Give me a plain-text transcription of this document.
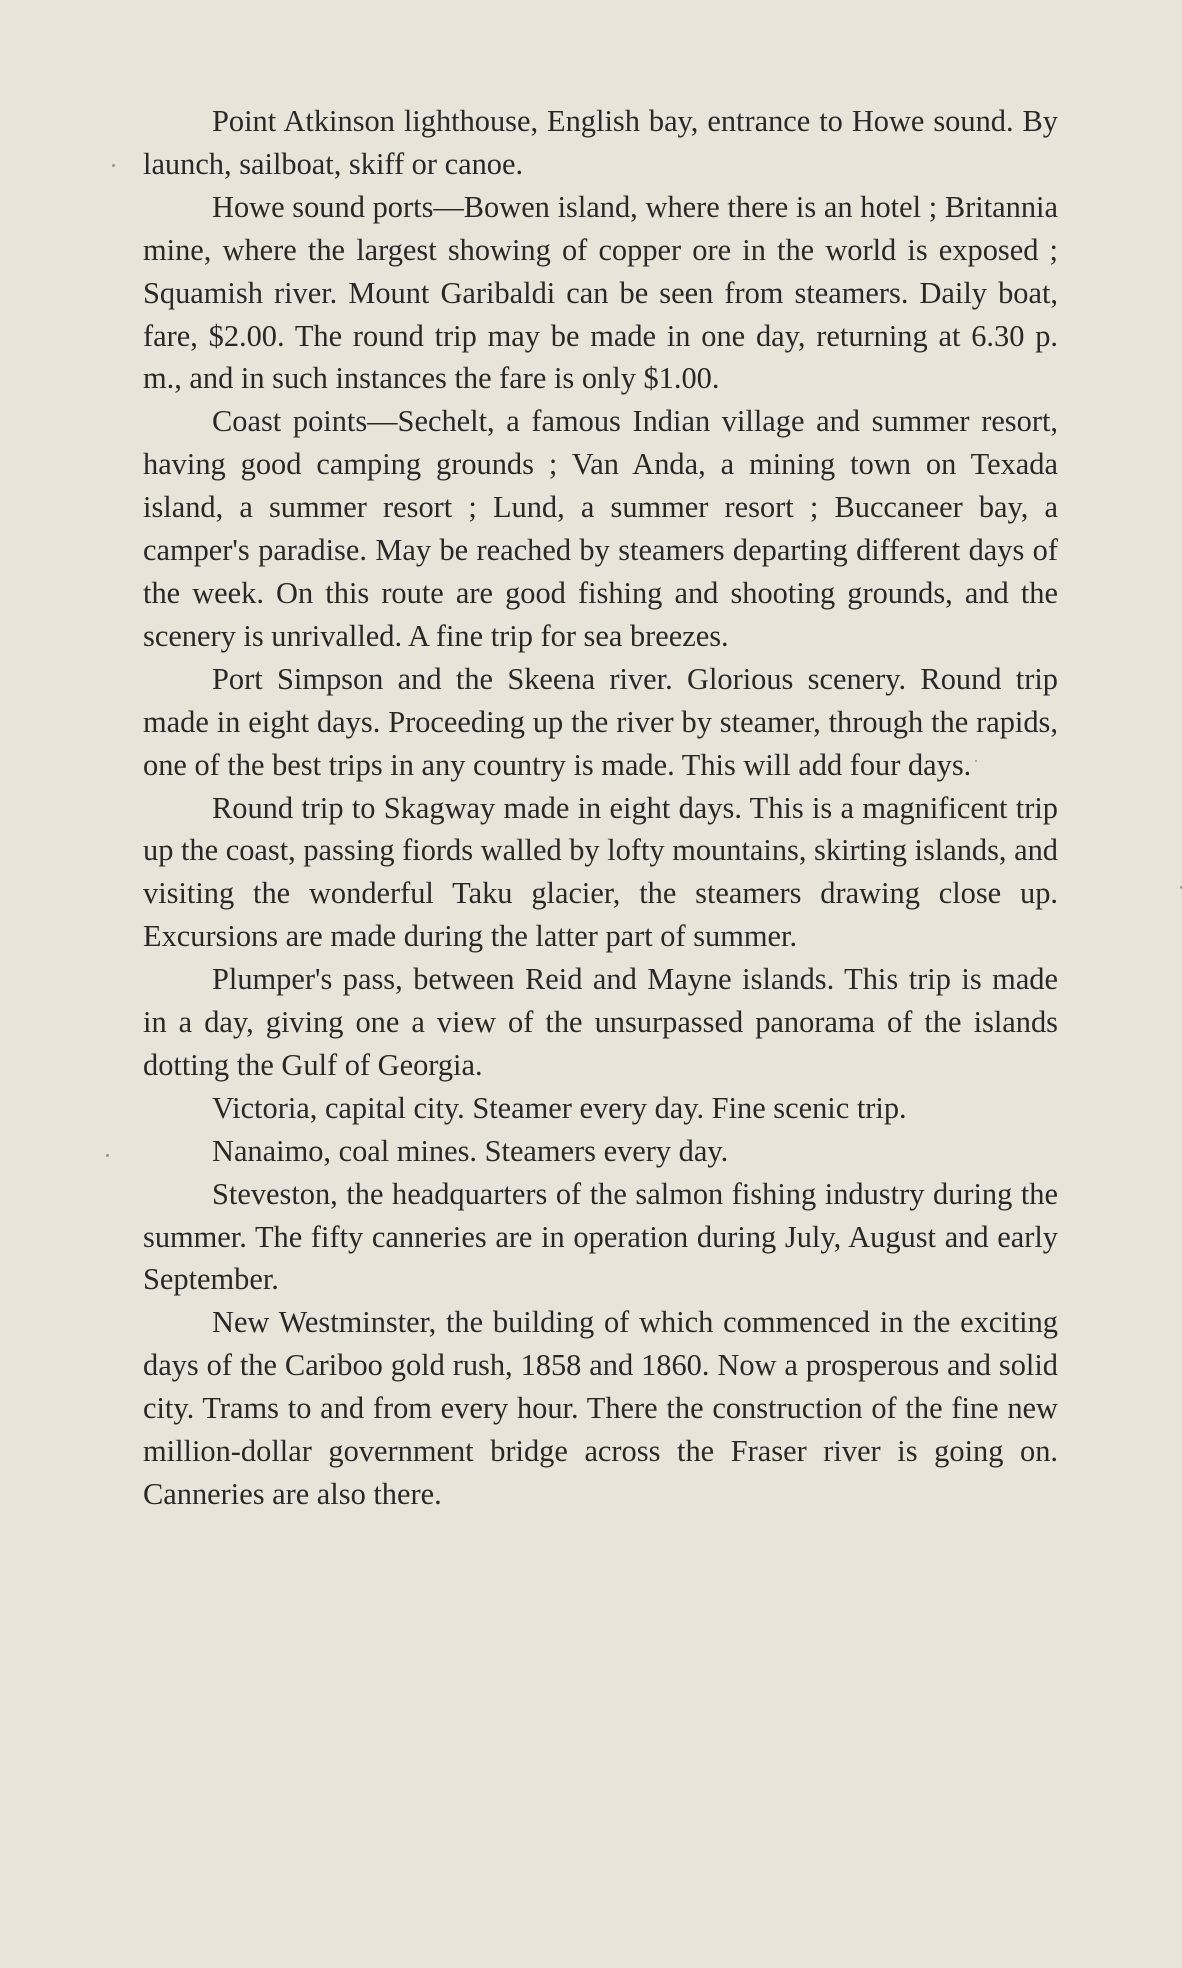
Point Atkinson lighthouse, English bay, entrance to Howe sound. By launch, sailboat, skiff or canoe.

Howe sound ports—Bowen island, where there is an hotel ; Britannia mine, where the largest showing of copper ore in the world is exposed ; Squamish river. Mount Garibaldi can be seen from steamers. Daily boat, fare, $2.00. The round trip may be made in one day, returning at 6.30 p. m., and in such instances the fare is only $1.00.

Coast points—Sechelt, a famous Indian village and summer resort, having good camping grounds ; Van Anda, a mining town on Texada island, a summer resort ; Lund, a summer resort ; Buccaneer bay, a camper's paradise. May be reached by steamers departing different days of the week. On this route are good fishing and shooting grounds, and the scenery is unrivalled. A fine trip for sea breezes.

Port Simpson and the Skeena river. Glorious scenery. Round trip made in eight days. Proceeding up the river by steamer, through the rapids, one of the best trips in any country is made. This will add four days.

Round trip to Skagway made in eight days. This is a magnificent trip up the coast, passing fiords walled by lofty mountains, skirting islands, and visiting the wonderful Taku glacier, the steamers drawing close up. Excursions are made during the latter part of summer.

Plumper's pass, between Reid and Mayne islands. This trip is made in a day, giving one a view of the unsurpassed panorama of the islands dotting the Gulf of Georgia.

Victoria, capital city. Steamer every day. Fine scenic trip.

Nanaimo, coal mines. Steamers every day.

Steveston, the headquarters of the salmon fishing industry during the summer. The fifty canneries are in operation during July, August and early September.

New Westminster, the building of which commenced in the exciting days of the Cariboo gold rush, 1858 and 1860. Now a prosperous and solid city. Trams to and from every hour. There the construction of the fine new million-dollar government bridge across the Fraser river is going on. Canneries are also there.
